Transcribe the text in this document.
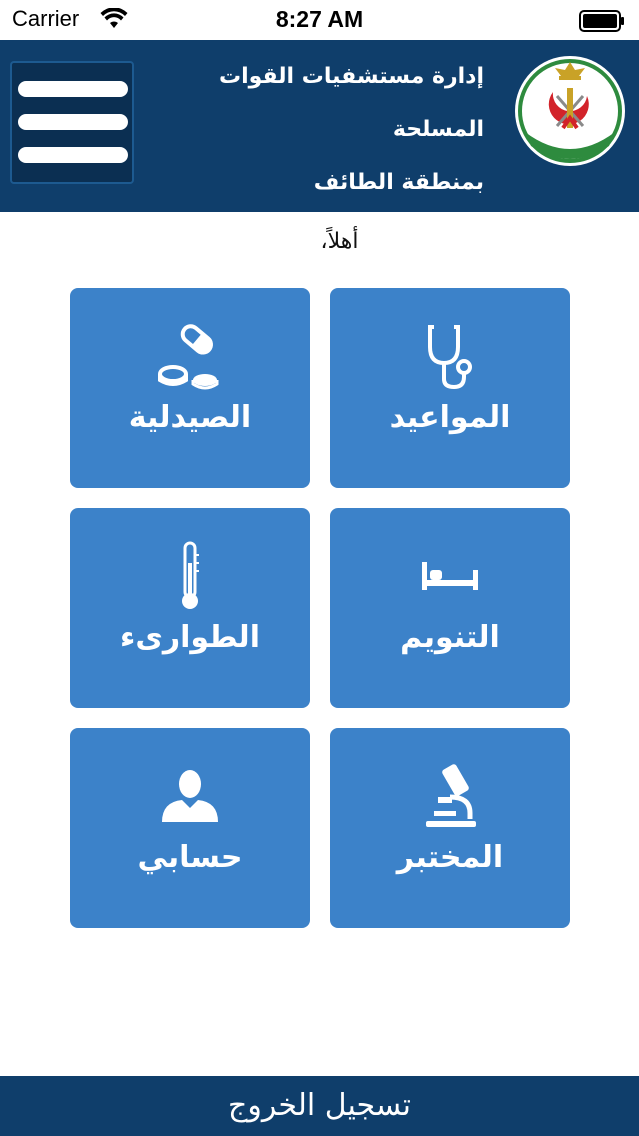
Carrier	8:27 AM
إدارة مستشفيات القوات
المسلحة
بمنطقة الطائف
أهلاً،
المواعيد
الصيدلية
التنويم
الطوارىء
المختبر
حسابي
تسجيل الخروج
